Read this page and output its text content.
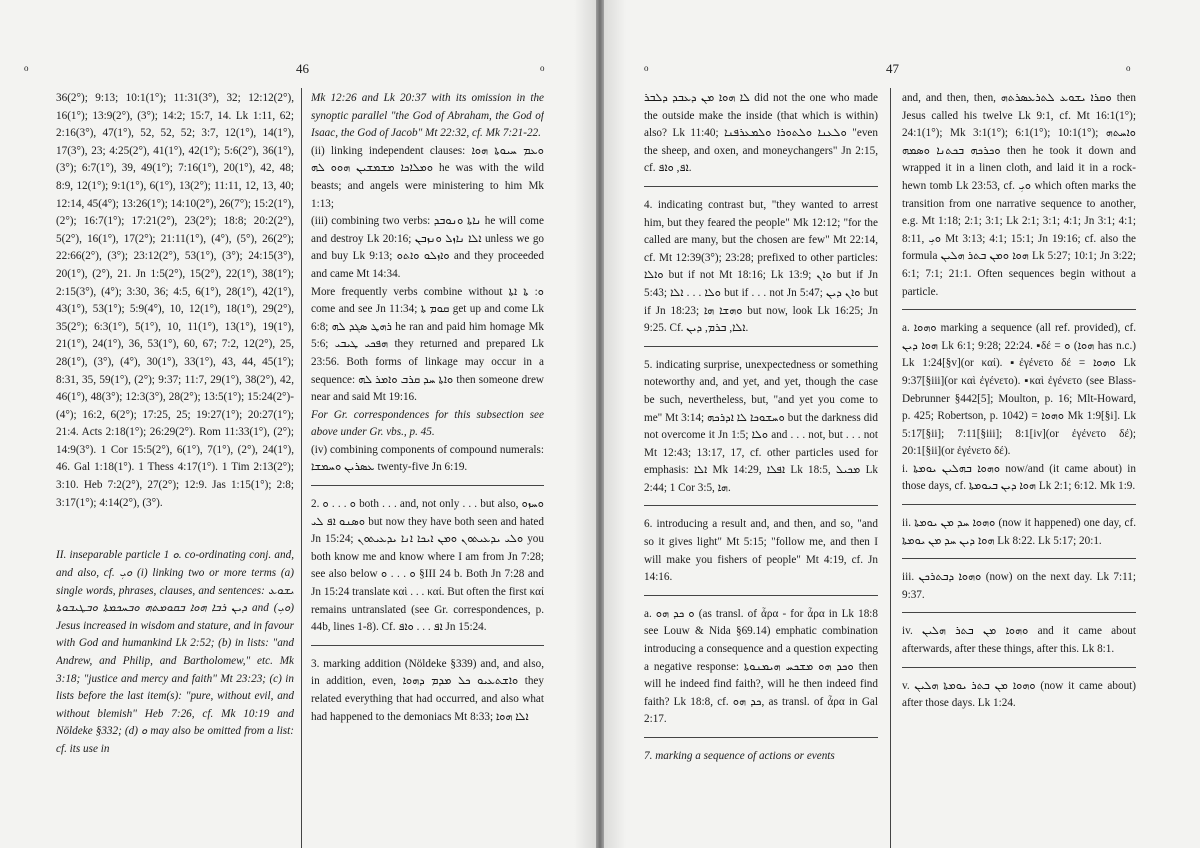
o	46	o

36(2°); 9:13; 10:1(1°); 11:31(3°), 32; 12:12(2°), 16(1°); 13:9(2°), (3°); 14:2; 15:7, 14. Lk 1:11, 62; 2:16(3°), 47(1°), 52, 52, 52; 3:7, 12(1°), 14(1°), 17(3°), 23; 4:25(2°), 41(1°), 42(1°); 5:6(2°), 36(1°), (3°); 6:7(1°), 39, 49(1°); 7:16(1°), 20(1°), 42, 48; 8:9, 12(1°); 9:1(1°), 6(1°), 13(2°); 11:11, 12, 13, 40; 12:14, 45(4°); 13:26(1°); 14:10(2°), 26(7°); 15:2(1°), (2°); 16:7(1°); 17:21(2°), 23(2°); 18:8; 20:2(2°), 5(2°), 16(1°), 17(2°); 21:11(1°), (4°), (5°), 26(2°); 22:66(2°), (3°); 23:12(2°), 53(1°), (3°); 24:15(3°), 20(1°), (2°), 21. Jn 1:5(2°), 15(2°), 22(1°), 38(1°); 2:15(3°), (4°); 3:30, 36; 4:5, 6(1°), 28(1°), 42(1°), 43(1°), 53(1°); 5:9(4°), 10, 12(1°), 18(1°), 29(2°), 35(2°); 6:3(1°), 5(1°), 10, 11(1°), 13(1°), 19(1°), 21(1°), 24(1°), 36, 53(1°), 60, 67; 7:2, 12(2°), 25, 28(1°), (3°), (4°), 30(1°), 33(1°), 43, 44, 45(1°); 8:31, 35, 59(1°), (2°); 9:37; 11:7, 29(1°), 38(2°), 42, 46(1°), 48(3°); 12:3(3°), 28(2°); 13:5(1°); 15:24(2°)-(4°); 16:2, 6(2°); 17:25, 25; 19:27(1°); 20:27(1°); 21:4. Acts 2:18(1°); 26:29(2°). Rom 11:33(1°), (2°); 14:9(3°). 1 Cor 15:5(2°), 6(1°), 7(1°), (2°), 24(1°), 46. Gal 1:18(1°). 1 Thess 4:17(1°). 1 Tim 2:13(2°); 3:10. Heb 7:2(2°), 27(2°); 12:9. Jas 1:15(1°); 2:8; 3:17(1°); 4:14(2°), (3°).

II. inseparable particle ܘ 1. co-ordinating conj. and, and also, cf. ܘܝܼ (i) linking two or more terms (a) single words, phrases, clauses, and sentences: ܝܫܘܥ ܕܝܢ ܪܒܐ ܗܘܐ ܒܩܘܡܬܗ ܘܒܚܟܡܬܐ ܘܒܛܝܒܘܬܐ and (ܘܝܼ) Jesus increased in wisdom and stature, and in favour with God and humankind Lk 2:52; (b) in lists: "and Andrew, and Philip, and Bartholomew," etc. Mk 3:18; "justice and mercy and faith" Mt 23:23; (c) in lists before the last item(s): "pure, without evil, and without blemish" Heb 7:26, cf. Mk 10:19 and Nöldeke §332; (d) ܘ may also be omitted from a list: cf. its use in

Mk 12:26 and Lk 20:37 with its omission in the synoptic parallel "the God of Abraham, the God of Isaac, the God of Jacob" Mt 22:32, cf. Mk 7:21-22.

(ii) linking independent clauses: ܘܥܡ ܚܝܘܬܐ ܗܘܐ ܘܡܠܐܟܐ ܡܫܡܫܝܢ ܗܘܘ ܠܗ he was with the wild beasts; and angels were ministering to him Mk 1:13;

(iii) combining two verbs: ܢܐܬܐ ܘܢܘܒܕ he will come and destroy Lk 20:16; ܐܠܐ ܢܐܙܠ ܘܢܙܒܢ unless we go and buy Lk 9:13; ܘܐܙܠܘ ܘܐܬܘ and they proceeded and came Mt 14:34.

More frequently verbs combine without ܘ: ܬܐ ܐܬܐ come and see Jn 11:34; ܩܘܡ ܬܐ get up and come Lk 6:8; ܪܗܛ ܣܓܕ ܠܗ he ran and paid him homage Mk 5:6; ܗܦܟܝ ܛܝܒܝ they returned and prepared Lk 23:56. Both forms of linkage may occur in a sequence: ܘܐܬܐ ܚܕ ܩܪܒ ܘܐܡܪ ܠܗ then someone drew near and said Mt 19:16.

For Gr. correspondences for this subsection see above under Gr. vbs., p. 45.

(iv) combining components of compound numerals: ܥܣܪܝܢ ܘܚܡܫܐ twenty-five Jn 6:19.

2. ܘ . . . ܘ both . . . and, not only . . . but also, ܘܚܙܘ ܘܣܢܘ ܐܦ ܠܝ but now they have both seen and hated Jn 15:24; ܘܠܝ ܝܕܥܝܬܘܢ ܘܡܢ ܐܝܟܐ ܐܢܐ ܝܕܥܝܬܘܢ you both know me and know where I am from Jn 7:28; see also below ܘ . . . ܘ §III 24 b. Both Jn 7:28 and Jn 15:24 translate καὶ . . . καί. But often the first καί remains untranslated (see Gr. correspondences, p. 44b, lines 1-8). Cf. ܐܦ . . . ܘܐܦ Jn 15:24.

3. marking addition (Nöldeke §339) and, and also, in addition, even, ܘܐܫܬܥܝܘ ܟܠ ܡܕܡ ܕܗܘܐ they related everything that had occurred, and also what had happened to the demoniacs Mt 8:33; ܐܠܐ ܗܘܐ

o	47	o

ܠܐ ܗܘܐ ܡܢ ܕܥܒܕ ܕܠܒܪ did not the one who made the outside make the inside (that which is within) also? Lk 11:40; ܘܠܥܢܐ ܘܠܬܘܪܐ ܘܠܡܥܪܦܢܐ "even the sheep, and oxen, and moneychangers" Jn 2:15, cf. ܐܦ, ܘܐܦ.

4. indicating contrast but, "they wanted to arrest him, but they feared the people" Mk 12:12; "for the called are many, but the chosen are few" Mt 22:14, cf. Mt 12:39(3°); 23:28; prefixed to other particles: ܘܐܠܐ but if not Mt 18:16; Lk 13:9; ܘܐܢ but if Jn 5:43; ܘܠܐ . . . ܐܠܐ but if . . . not Jn 5:47; ܘܐܢ ܕܝܢ but if Jn 18:23; ܘܗܫܐ ܗܐ but now, look Lk 16:25; Jn 9:25. Cf. ܐܠܐ, ܒܪܡ, ܕܝܢ.

5. indicating surprise, unexpectedness or something noteworthy and, and yet, and yet, though the case be such, nevertheless, but, "and yet you come to me" Mt 3:14; ܘܚܫܘܟܐ ܠܐ ܐܕܪܟܗ but the darkness did not overcome it Jn 1:5; ܘܠܐ and . . . not, but . . . not Mt 12:43; 13:17, 17, cf. other particles used for emphasis: ܐܠܐ Mk 14:29, ܐܦܠܐ Lk 18:5, ܡܟܝܠ Lk 2:44; 1 Cor 3:5, ܗܐ.

6. introducing a result and, and then, and so, "and so it gives light" Mt 5:15; "follow me, and then I will make you fishers of people" Mt 4:19, cf. Jn 14:16.

a. ܘ ܟܕ ܗܘ (as transl. of ἆρα - for ἆρα in Lk 18:8 see Louw & Nida §69.14) emphatic combination introducing a consequence and a question expecting a negative response: ܘܟܕ ܗܘ ܡܫܟܚ ܗܝܡܢܘܬܐ then will he indeed find faith?, will he then indeed find faith? Lk 18:8, cf. ܟܕ ܗܘ, as transl. of ἆρα in Gal 2:17.

7. marking a sequence of actions or events

and, and then, then, ܘܩܪܐ ܝܫܘܥ ܠܬܪܥܣܪܬܗ then Jesus called his twelve Lk 9:1, cf. Mt 16:1(1°); 24:1(1°); Mk 3:1(1°); 6:1(1°); 10:1(1°); ܘܐܚܬܗ ܘܟܪܟܗ ܒܟܬܢܐ ܘܣܡܗ then he took it down and wrapped it in a linen cloth, and laid it in a rock-hewn tomb Lk 23:53, cf. ܘܝܼ which often marks the transition from one narrative sequence to another, e.g. Mt 1:18; 2:1; 3:1; Lk 2:1; 3:1; 4:1; Jn 3:1; 4:1; 8:11, ܘܝܼ Mt 3:13; 4:1; 15:1; Jn 19:16; cf. also the formula ܗܘܐ ܘܡܢ ܒܬܪ ܗܠܝܢ Lk 5:27; 10:1; Jn 3:22; 6:1; 7:1; 21:1. Often sequences begin without a particle.

a. ܘܗܘܐ marking a sequence (all ref. provided), cf. ܗܘܐ ܕܝܢ Lk 6:1; 9:28; 22:24. ▪δέ = ܘ (ܗܘܐ has n.c.) Lk 1:24[§v](or καί). ▪ἐγένετο δέ = ܘܗܘܐ Lk 9:37[§iii](or καὶ ἐγένετο). ▪καὶ ἐγένετο (see Blass-Debrunner §442[5]; Moulton, p. 16; Mlt-Howard, p. 425; Robertson, p. 1042) = ܘܗܘܐ Mk 1:9[§i]. Lk 5:17[§ii]; 7:11[§iii]; 8:1[iv](or ἐγένετο δέ); 20:1[§ii](or ἐγένετο δέ).

i. ܘܗܘܐ ܒܗܠܝܢ ܝܘܡܬܐ now/and (it came about) in those days, cf. ܗܘܐ ܕܝܢ ܒܝܘܡܬܐ Lk 2:1; 6:12. Mk 1:9.

ii. ܘܗܘܐ ܚܕ ܡܢ ܝܘܡܬܐ (now it happened) one day, cf. ܗܘܐ ܕܝܢ ܚܕ ܡܢ ܝܘܡܬܐ Lk 8:22. Lk 5:17; 20:1.

iii. ܘܗܘܐ ܕܒܬܪܟܢ (now) on the next day. Lk 7:11; 9:37.

iv. ܘܗܘܐ ܡܢ ܒܬܪ ܗܠܝܢ and it came about afterwards, after these things, after this. Lk 8:1.

v. ܘܗܘܐ ܡܢ ܒܬܪ ܝܘܡܬܐ ܗܠܝܢ (now it came about) after those days. Lk 1:24.
